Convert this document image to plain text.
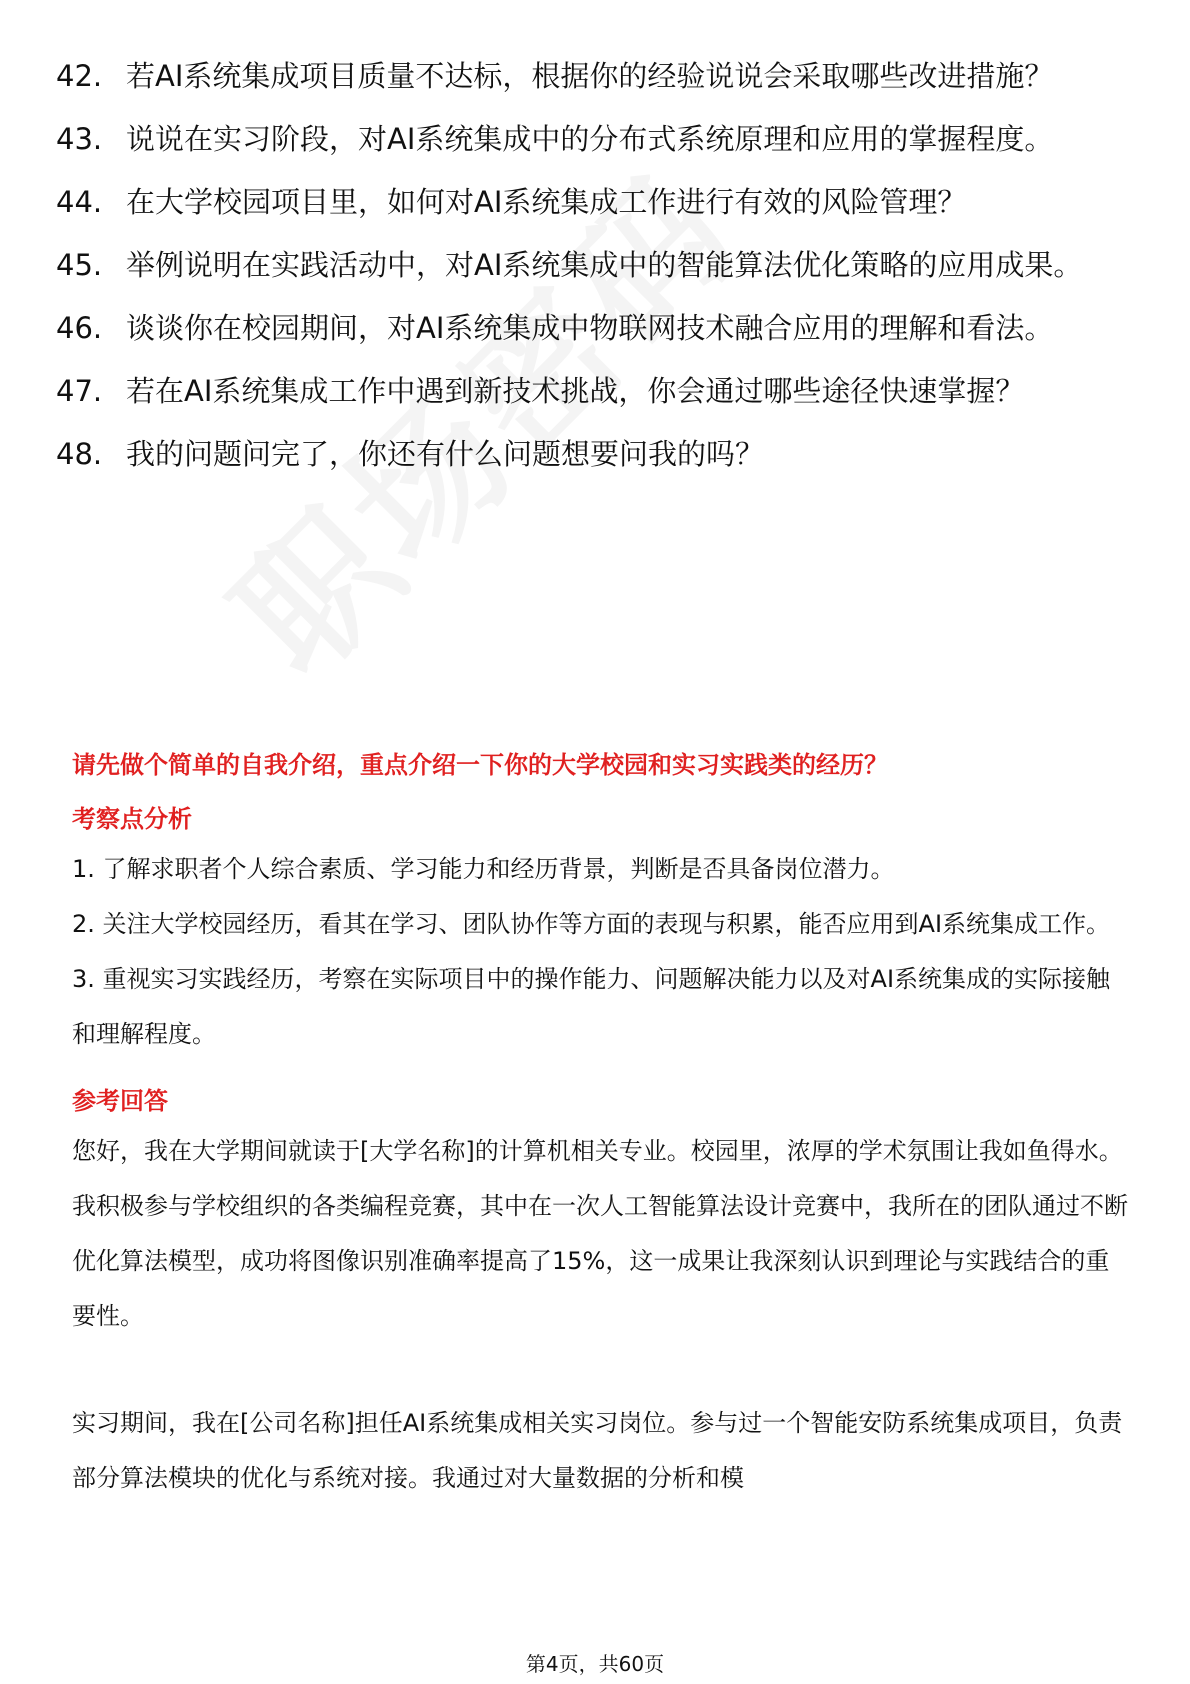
42. 若AI系统集成项目质量不达标，根据你的经验说说会采取哪些改进措施？
43. 说说在实习阶段，对AI系统集成中的分布式系统原理和应用的掌握程度。
44. 在大学校园项目里，如何对AI系统集成工作进行有效的风险管理？
45. 举例说明在实践活动中，对AI系统集成中的智能算法优化策略的应用成果。
46. 谈谈你在校园期间，对AI系统集成中物联网技术融合应用的理解和看法。
47. 若在AI系统集成工作中遇到新技术挑战，你会通过哪些途径快速掌握？
48. 我的问题问完了，你还有什么问题想要问我的吗？
请先做个简单的自我介绍，重点介绍一下你的大学校园和实习实践类的经历？
考察点分析
1. 了解求职者个人综合素质、学习能力和经历背景，判断是否具备岗位潜力。
2. 关注大学校园经历，看其在学习、团队协作等方面的表现与积累，能否应用到AI系统集成工作。
3. 重视实习实践经历，考察在实际项目中的操作能力、问题解决能力以及对AI系统集成的实际接触和理解程度。
参考回答
您好，我在大学期间就读于[大学名称]的计算机相关专业。校园里，浓厚的学术氛围让我如鱼得水。我积极参与学校组织的各类编程竞赛，其中在一次人工智能算法设计竞赛中，我所在的团队通过不断优化算法模型，成功将图像识别准确率提高了15%，这一成果让我深刻认识到理论与实践结合的重要性。
实习期间，我在[公司名称]担任AI系统集成相关实习岗位。参与过一个智能安防系统集成项目，负责部分算法模块的优化与系统对接。我通过对大量数据的分析和模
第4页，共60页
